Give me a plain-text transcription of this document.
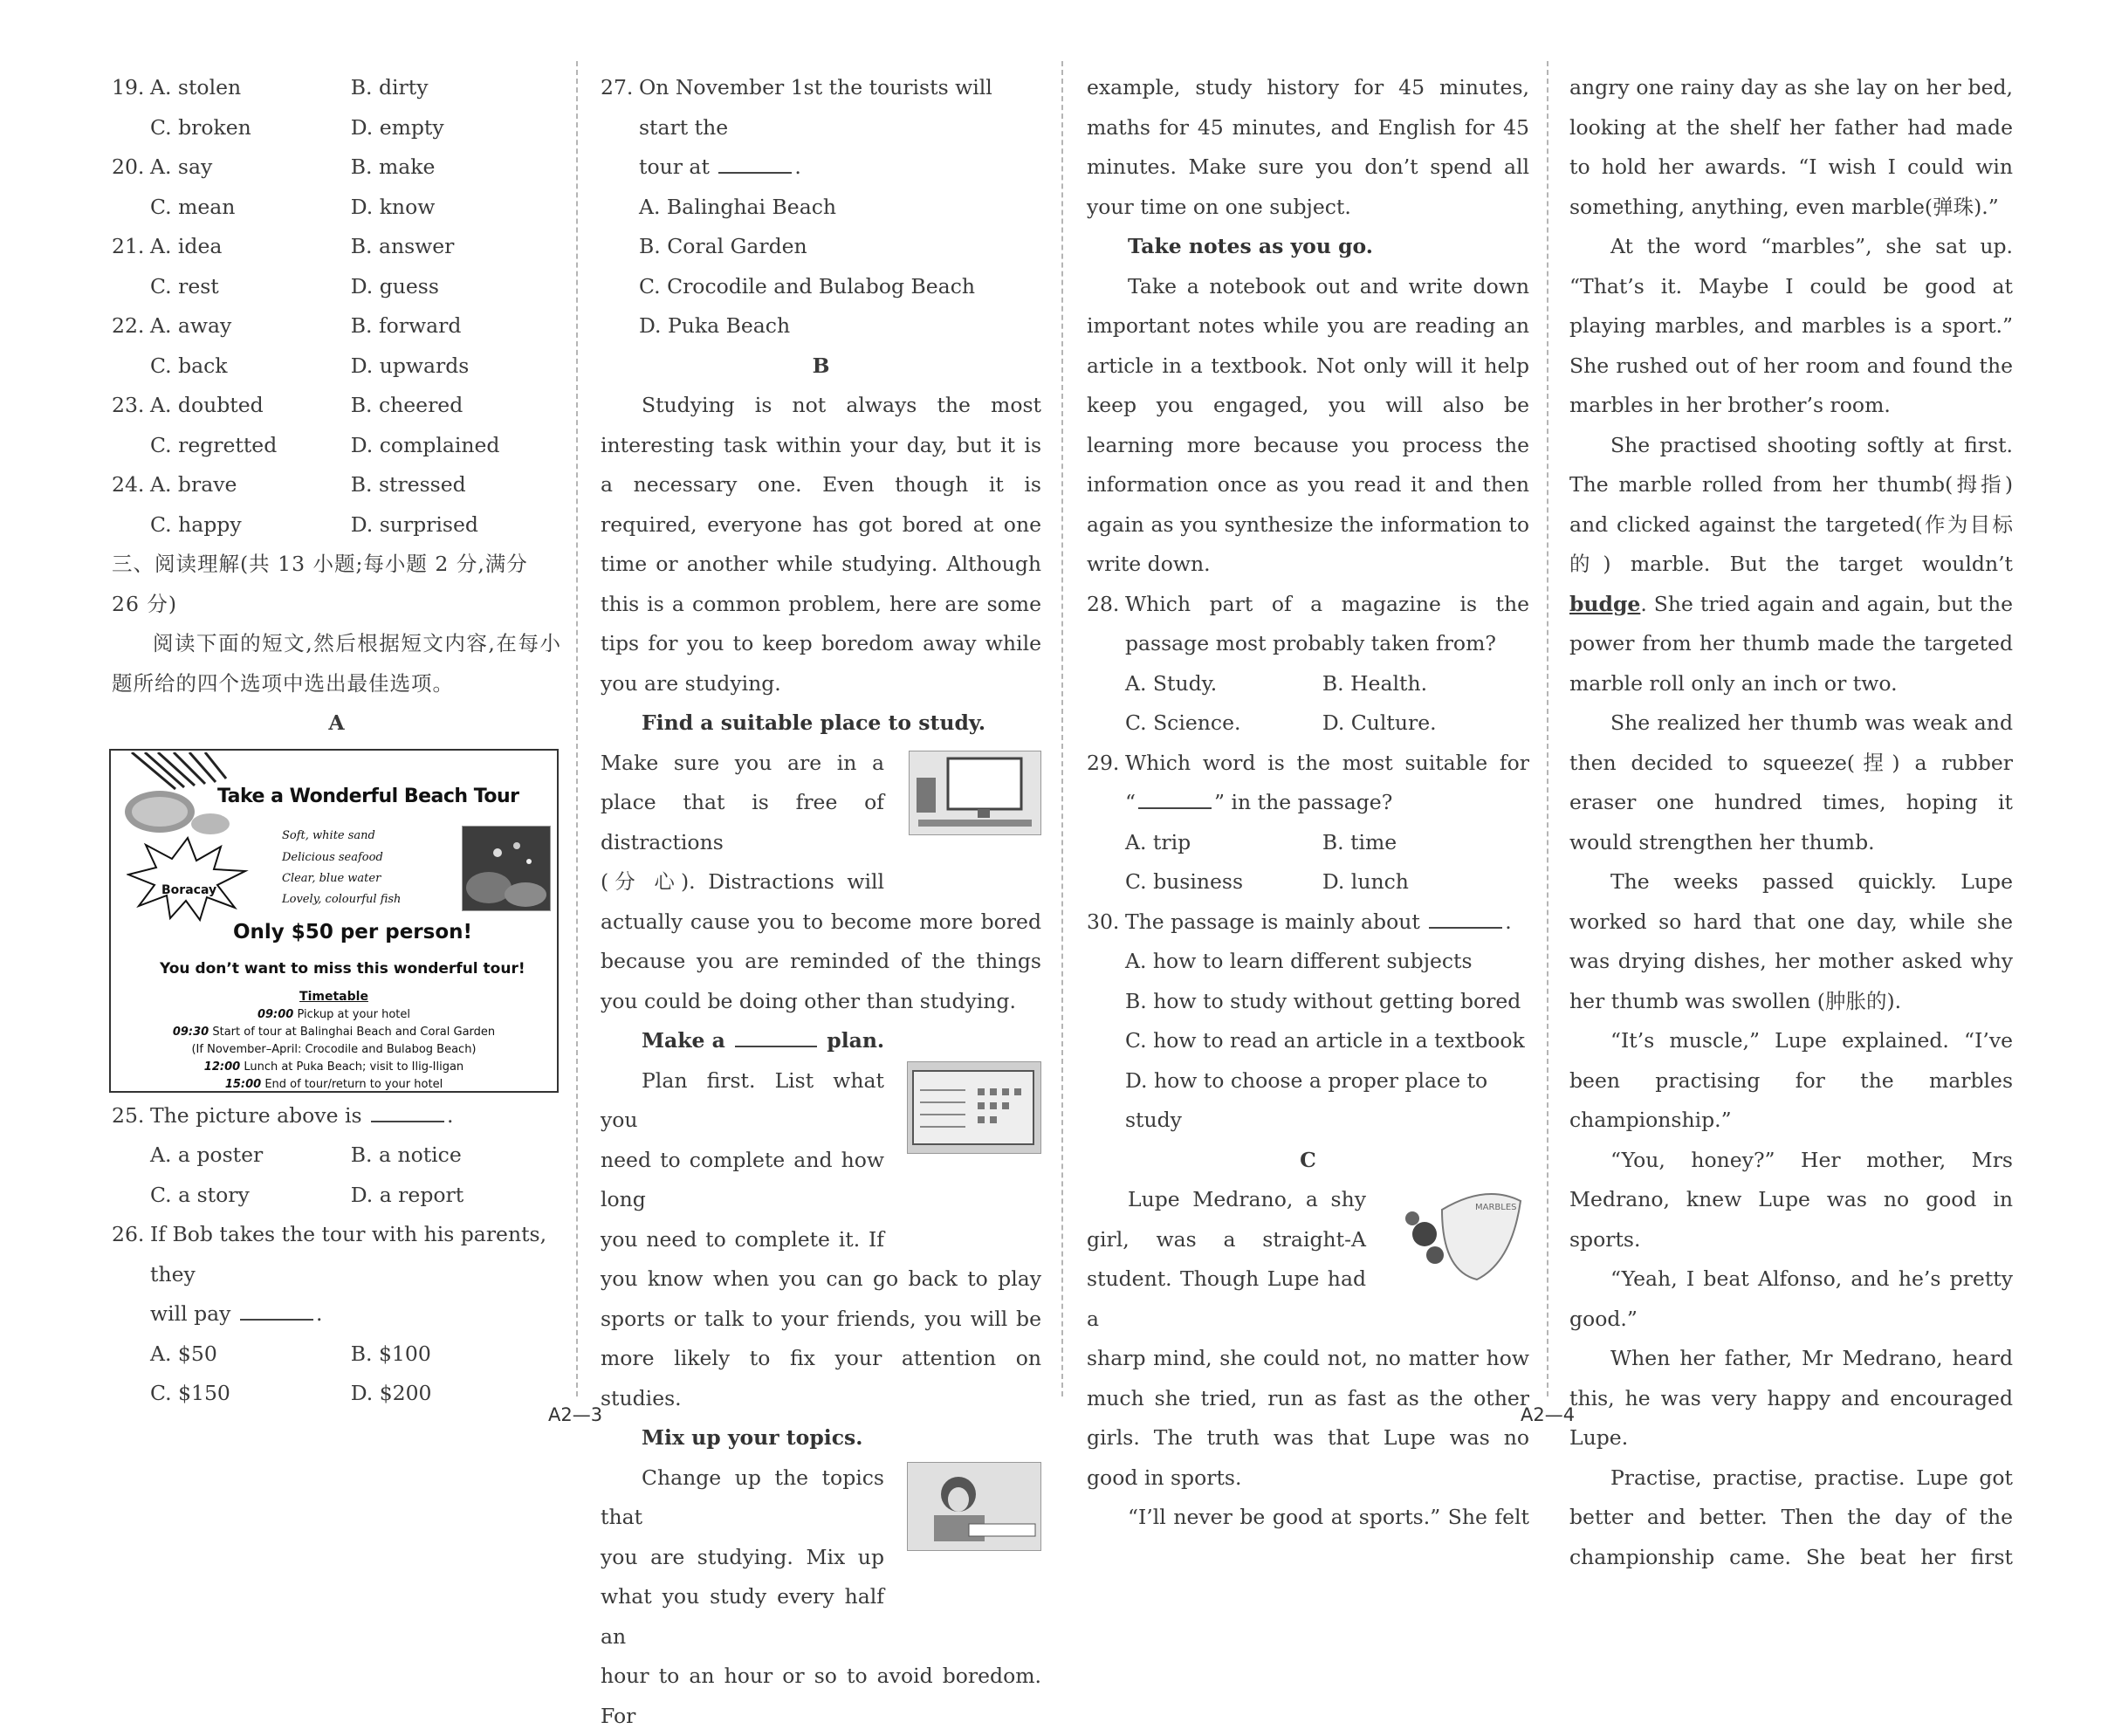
19. A. stolen	B. dirty
C. broken	D. empty
20. A. say	B. make
C. mean	D. know
21. A. idea	B. answer
C. rest	D. guess
22. A. away	B. forward
C. back	D. upwards
23. A. doubted	B. cheered
C. regretted	D. complained
24. A. brave	B. stressed
C. happy	D. surprised

三、阅读理解(共 13 小题;每小题 2 分,满分 26 分)

阅读下面的短文,然后根据短文内容,在每小题所给的四个选项中选出最佳选项。

A

Take a Wonderful Beach Tour
Soft, white sand
Delicious seafood
Clear, blue water
Lovely, colourful fish
Boracay
Only $50 per person!
You don’t want to miss this wonderful tour!
Timetable
09:00 Pickup at your hotel
09:30 Start of tour at Balinghai Beach and Coral Garden
(If November–April: Crocodile and Bulabog Beach)
12:00 Lunch at Puka Beach; visit to Ilig-Iligan
15:00 End of tour/return to your hotel
25. The picture above is	.
A. a poster	B. a notice
C. a story	D. a report
26. If Bob takes the tour with his parents, they
will pay	.
A. $50	B. $100
C. $150	D. $200
27. On November 1st the tourists will start the
tour at	.
A. Balinghai Beach
B. Coral Garden
C. Crocodile and Bulabog Beach
D. Puka Beach

B

Studying is not always the most interesting task within your day, but it is a necessary one. Even though it is required, everyone has got bored at one time or another while studying. Although this is a common problem, here are some tips for you to keep boredom away while you are studying.

Find a suitable place to study.

Make sure you are in a

place that is free of distractions

(分 心). Distractions will

actually cause you to become more bored because you are reminded of the things you could be doing other than studying.

Make a	plan.

Plan first. List what you

need to complete and how long

you need to complete it. If

you know when you can go back to play sports or talk to your friends, you will be more likely to fix your attention on studies.

Mix up your topics.

Change up the topics that

you are studying. Mix up

what you study every half an

hour to an hour or so to avoid boredom. For

example, study history for 45 minutes, maths for 45 minutes, and English for 45 minutes. Make sure you don’t spend all your time on one subject.

Take notes as you go.

Take a notebook out and write down important notes while you are reading an article in a textbook. Not only will it help keep you engaged, you will also be learning more because you process the information once as you read it and then again as you synthesize the information to write down.

28. Which part of a magazine is the passage most probably taken from?
A. Study.	B. Health.
C. Science.	D. Culture.
29. Which word is the most suitable for
“	” in the passage?
A. trip	B. time
C. business	D. lunch
30. The passage is mainly about	.
A. how to learn different subjects
B. how to study without getting bored
C. how to read an article in a textbook
D. how to choose a proper place to study

C

MARBLES

Lupe Medrano, a shy

girl, was a straight-A

student. Though Lupe had a

sharp mind, she could not, no matter how much she tried, run as fast as the other girls. The truth was that Lupe was no good in sports.

“I’ll never be good at sports.” She felt

angry one rainy day as she lay on her bed, looking at the shelf her father had made to hold her awards. “I wish I could win something, anything, even marble(弹珠).”

At the word “marbles”, she sat up. “That’s it. Maybe I could be good at playing marbles, and marbles is a sport.” She rushed out of her room and found the marbles in her brother’s room.

She practised shooting softly at first. The marble rolled from her thumb(拇指) and clicked against the targeted(作为目标的) marble. But the target wouldn’t budge. She tried again and again, but the power from her thumb made the targeted marble roll only an inch or two.

She realized her thumb was weak and then decided to squeeze(捏) a rubber eraser one hundred times, hoping it would strengthen her thumb.

The weeks passed quickly. Lupe worked so hard that one day, while she was drying dishes, her mother asked why her thumb was swollen (肿胀的).

“It’s muscle,” Lupe explained. “I’ve been practising for the marbles championship.”

“You, honey?” Her mother, Mrs Medrano, knew Lupe was no good in sports.

“Yeah, I beat Alfonso, and he’s pretty good.”

When her father, Mr Medrano, heard this, he was very happy and encouraged Lupe.

Practise, practise, practise. Lupe got better and better. Then the day of the championship came. She beat her first

A2—3	A2—4
